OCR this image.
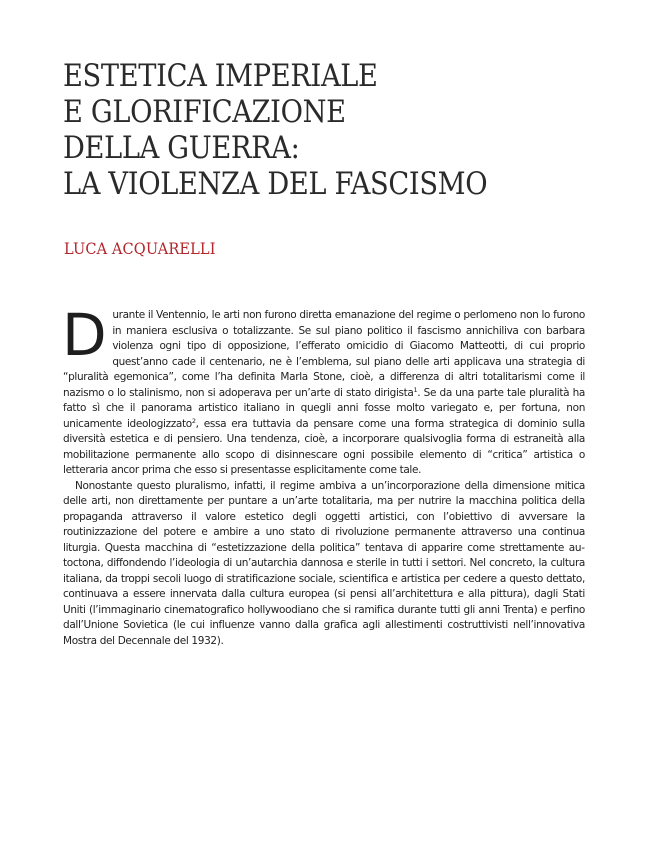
ESTETICA IMPERIALE
E GLORIFICAZIONE
DELLA GUERRA:
LA VIOLENZA DEL FASCISMO
LUCA ACQUARELLI

Durante il Ventennio, le arti non furono diretta emanazione del regime o perlomeno non lo furono in maniera esclusiva o totalizzante. Se sul piano politico il fascismo annichiliva con barbara violenza ogni tipo di opposizione, l’efferato omicidio di Giacomo Matteotti, di cui proprio quest’anno cade il centenario, ne è l’emblema, sul piano delle arti applicava una strategia di “pluralità egemonica”, come l’ha definita Marla Stone, cioè, a differenza di altri totalitarismi come il nazismo o lo stalinismo, non si adoperava per un’arte di stato dirigista$^1$. Se da una parte tale pluralità ha fatto sì che il panorama artistico italiano in quegli anni fosse molto variegato e, per fortuna, non unicamente ideologizzato$^2$, essa era tuttavia da pensare come una forma strategica di dominio sulla diversità estetica e di pensiero. Una tendenza, cioè, a incorporare qualsivoglia forma di estraneità alla mobilitazione permanente allo scopo di disinnescare ogni possibile elemento di “critica” artistica o letteraria ancor prima che esso si presentasse esplicitamente come tale.

Nonostante questo pluralismo, infatti, il regime ambiva a un’incorporazione della dimensione mitica delle arti, non direttamente per puntare a un’arte totalitaria, ma per nutrire la macchina politica della propaganda attraverso il valore estetico degli oggetti artistici, con l’obiettivo di avversare la routinizzazione del potere e ambire a uno stato di rivoluzione permanente attraverso una continua liturgia. Questa macchina di “estetizzazione della politica” tentava di apparire come strettamente autoctona, diffondendo l’ideologia di un’autarchia dannosa e sterile in tutti i settori. Nel concreto, la cultura italiana, da troppi secoli luogo di stratificazione sociale, scientifica e artistica per cedere a questo dettato, continuava a essere innervata dalla cultura europea (si pensi all’architettura e alla pittura), dagli Stati Uniti (l’immaginario cinematografico hollywoodiano che si ramifica durante tutti gli anni Trenta) e perfino dall’Unione Sovietica (le cui influenze vanno dalla grafica agli allestimenti costruttivisti nell’innovativa Mostra del Decennale del 1932).
